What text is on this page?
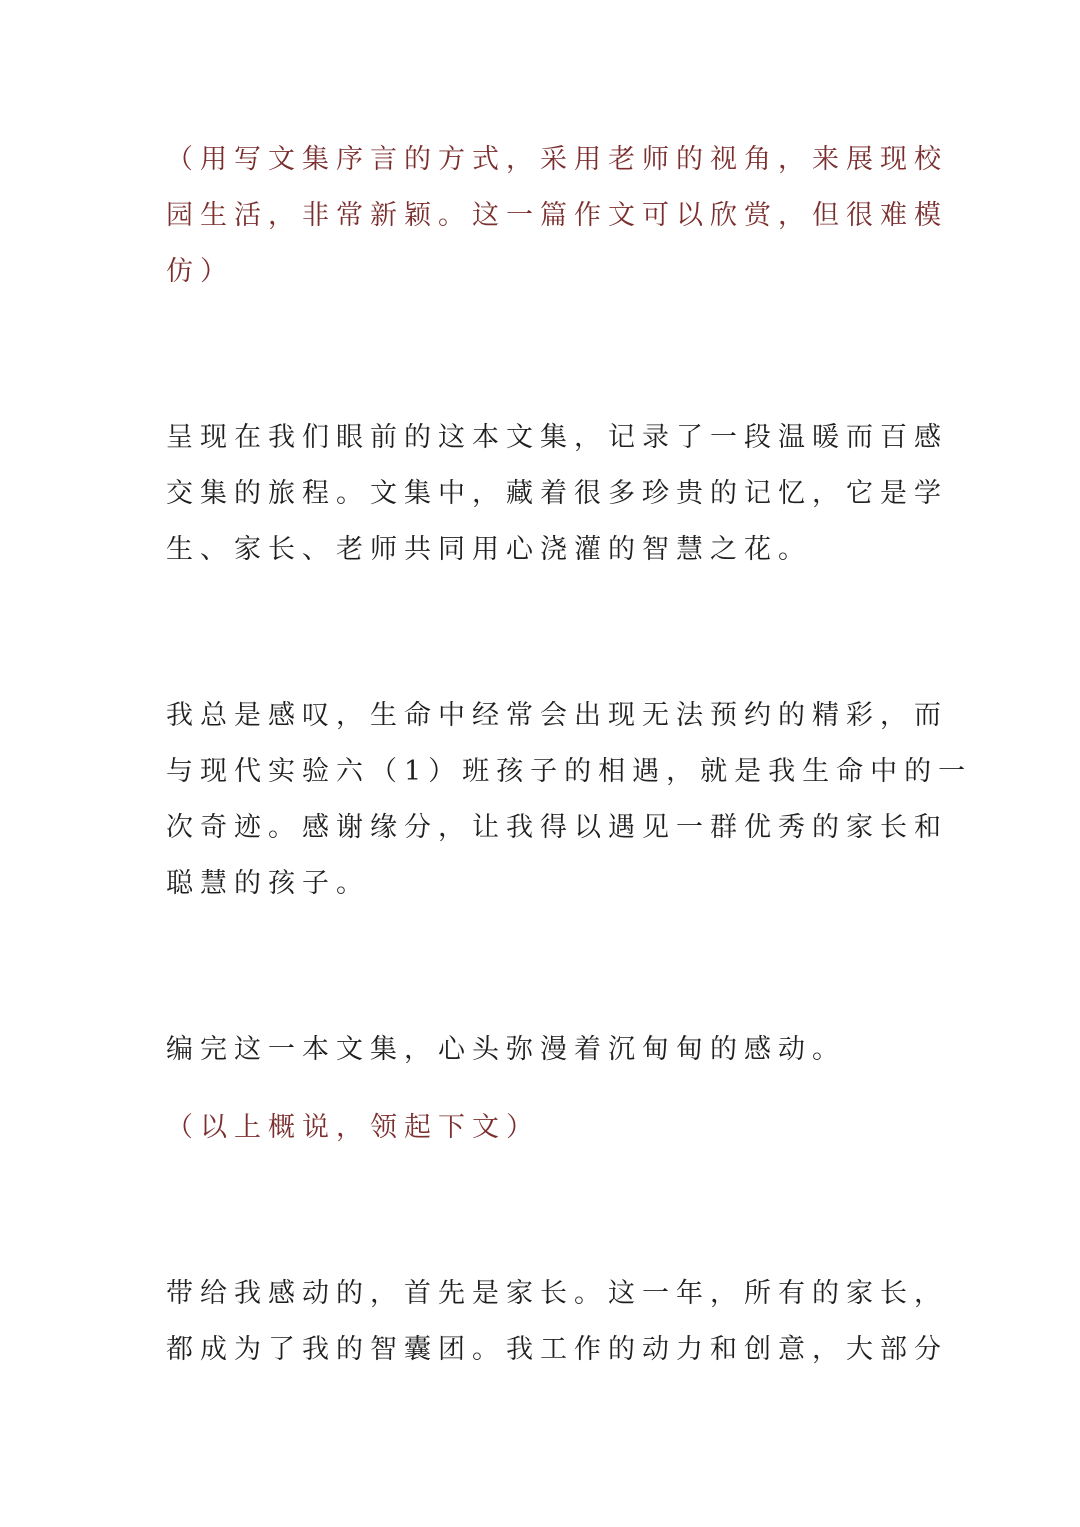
（用写文集序言的方式，采用老师的视角，来展现校
园生活，非常新颖。这一篇作文可以欣赏，但很难模
仿）

呈现在我们眼前的这本文集，记录了一段温暖而百感
交集的旅程。文集中，藏着很多珍贵的记忆，它是学
生、家长、老师共同用心浇灌的智慧之花。

我总是感叹，生命中经常会出现无法预约的精彩，而
与现代实验六（1）班孩子的相遇，就是我生命中的一
次奇迹。感谢缘分，让我得以遇见一群优秀的家长和
聪慧的孩子。

编完这一本文集，心头弥漫着沉甸甸的感动。

（以上概说，领起下文）

带给我感动的，首先是家长。这一年，所有的家长，
都成为了我的智囊团。我工作的动力和创意，大部分
